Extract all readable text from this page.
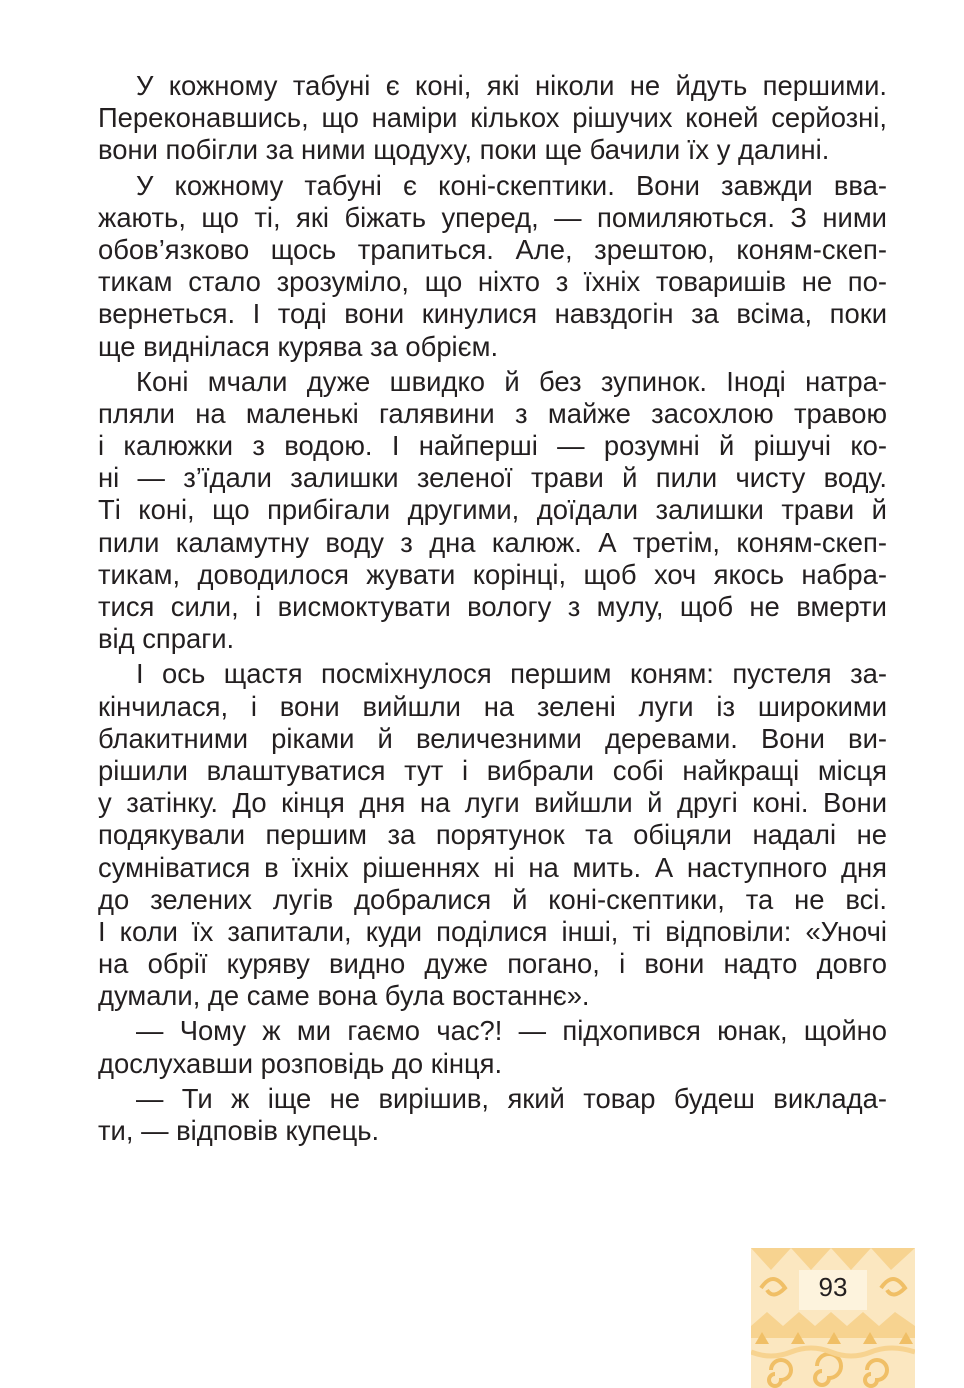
У кожному табуні є коні, які ніколи не йдуть першими.
Переконавшись, що наміри кількох рішучих коней серйозні,
вони побігли за ними щодуху, поки ще бачили їх у далині.

У кожному табуні є коні-скептики. Вони завжди вва-
жають, що ті, які біжать уперед, — помиляються. З ними
обов’язково щось трапиться. Але, зрештою, коням-скеп-
тикам стало зрозуміло, що ніхто з їхніх товаришів не по-
вернеться. І тоді вони кинулися навздогін за всіма, поки
ще виднілася курява за обрієм.

Коні мчали дуже швидко й без зупинок. Іноді натра-
пляли на маленькі галявини з майже засохлою травою
і калюжки з водою. І найперші — розумні й рішучі ко-
ні — з’їдали залишки зеленої трави й пили чисту воду.
Ті коні, що прибігали другими, доїдали залишки трави й
пили каламутну воду з дна калюж. А третім, коням-скеп-
тикам, доводилося жувати корінці, щоб хоч якось набра-
тися сили, і висмоктувати вологу з мулу, щоб не вмерти
від спраги.

І ось щастя посміхнулося першим коням: пустеля за-
кінчилася, і вони вийшли на зелені луги із широкими
блакитними ріками й величезними деревами. Вони ви-
рішили влаштуватися тут і вибрали собі найкращі місця
у затінку. До кінця дня на луги вийшли й другі коні. Вони
подякували першим за порятунок та обіцяли надалі не
сумніватися в їхніх рішеннях ні на мить. А наступного дня
до зелених лугів добралися й коні-скептики, та не всі.
І коли їх запитали, куди поділися інші, ті відповіли: «Уночі
на обрії куряву видно дуже погано, і вони надто довго
думали, де саме вона була востаннє».

— Чому ж ми гаємо час?! — підхопився юнак, щойно
дослухавши розповідь до кінця.

— Ти ж іще не вирішив, який товар будеш виклада-
ти, — відповів купець.

93
